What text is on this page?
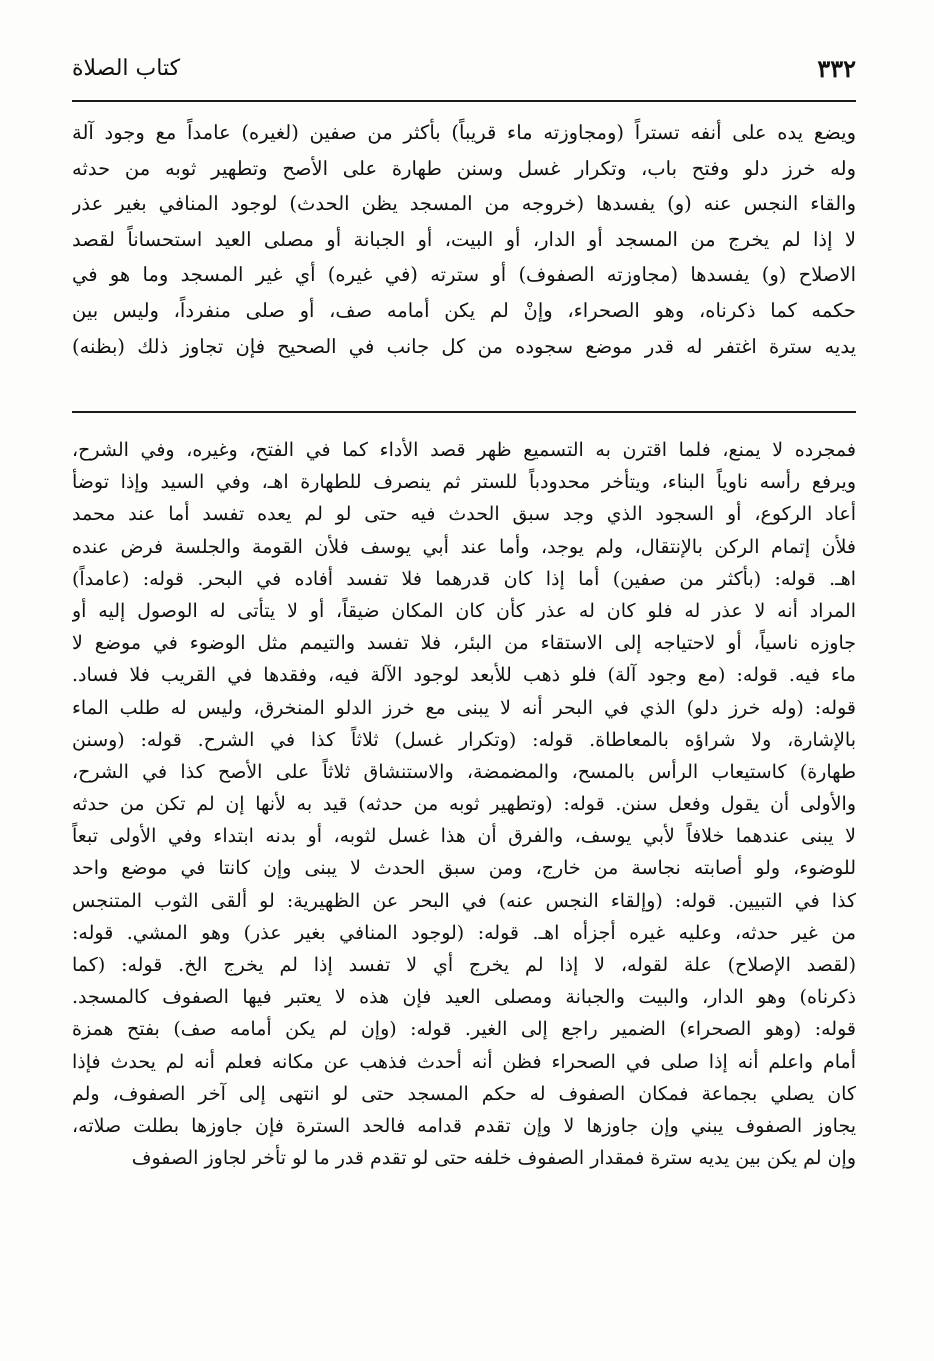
٣٣٢
كتاب الصلاة
ويضع يده على أنفه تستراً (ومجاوزته ماء قريباً) بأكثر من صفين (لغيره) عامداً مع وجود آلة
وله خرز دلو وفتح باب، وتكرار غسل وسنن طهارة على الأصح وتطهير ثوبه من حدثه
والقاء النجس عنه (و) يفسدها (خروجه من المسجد يظن الحدث) لوجود المنافي بغير عذر
لا إذا لم يخرج من المسجد أو الدار، أو البيت، أو الجبانة أو مصلى العيد استحساناً لقصد
الاصلاح (و) يفسدها (مجاوزته الصفوف) أو سترته (في غيره) أي غير المسجد وما هو في
حكمه كما ذكرناه، وهو الصحراء، وإنْ لم يكن أمامه صف، أو صلى منفرداً، وليس بين
يديه سترة اغتفر له قدر موضع سجوده من كل جانب في الصحيح فإن تجاوز ذلك (بظنه)
فمجرده لا يمنع، فلما اقترن به التسميع ظهر قصد الأداء كما في الفتح، وغيره، وفي الشرح،
ويرفع رأسه ناوياً البناء، ويتأخر محدودباً للستر ثم ينصرف للطهارة اهـ، وفي السيد وإذا توضأ
أعاد الركوع، أو السجود الذي وجد سبق الحدث فيه حتى لو لم يعده تفسد أما عند محمد
فلأن إتمام الركن بالإنتقال، ولم يوجد، وأما عند أبي يوسف فلأن القومة والجلسة فرض عنده
اهـ. قوله: (بأكثر من صفين) أما إذا كان قدرهما فلا تفسد أفاده في البحر. قوله: (عامداً)
المراد أنه لا عذر له فلو كان له عذر كأن كان المكان ضيقاً، أو لا يتأتى له الوصول إليه أو
جاوزه ناسياً، أو لاحتياجه إلى الاستقاء من البئر، فلا تفسد والتيمم مثل الوضوء في موضع لا
ماء فيه. قوله: (مع وجود آلة) فلو ذهب للأبعد لوجود الآلة فيه، وفقدها في القريب فلا فساد.
قوله: (وله خرز دلو) الذي في البحر أنه لا يبنى مع خرز الدلو المنخرق، وليس له طلب الماء
بالإشارة، ولا شراؤه بالمعاطاة. قوله: (وتكرار غسل) ثلاثاً كذا في الشرح. قوله: (وسنن
طهارة) كاستيعاب الرأس بالمسح، والمضمضة، والاستنشاق ثلاثاً على الأصح كذا في الشرح،
والأولى أن يقول وفعل سنن. قوله: (وتطهير ثوبه من حدثه) قيد به لأنها إن لم تكن من حدثه
لا يبنى عندهما خلافاً لأبي يوسف، والفرق أن هذا غسل لثوبه، أو بدنه ابتداء وفي الأولى تبعاً
للوضوء، ولو أصابته نجاسة من خارج، ومن سبق الحدث لا يبنى وإن كانتا في موضع واحد
كذا في التبيين. قوله: (وإلقاء النجس عنه) في البحر عن الظهيرية: لو ألقى الثوب المتنجس
من غير حدثه، وعليه غيره أجزأه اهـ. قوله: (لوجود المنافي بغير عذر) وهو المشي. قوله:
(لقصد الإصلاح) علة لقوله، لا إذا لم يخرج أي لا تفسد إذا لم يخرج الخ. قوله: (كما
ذكرناه) وهو الدار، والبيت والجبانة ومصلى العيد فإن هذه لا يعتبر فيها الصفوف كالمسجد.
قوله: (وهو الصحراء) الضمير راجع إلى الغير. قوله: (وإن لم يكن أمامه صف) بفتح همزة
أمام واعلم أنه إذا صلى في الصحراء فظن أنه أحدث فذهب عن مكانه فعلم أنه لم يحدث فإذا
كان يصلي بجماعة فمكان الصفوف له حكم المسجد حتى لو انتهى إلى آخر الصفوف، ولم
يجاوز الصفوف يبني وإن جاوزها لا وإن تقدم قدامه فالحد السترة فإن جاوزها بطلت صلاته،
وإن لم يكن بين يديه سترة فمقدار الصفوف خلفه حتى لو تقدم قدر ما لو تأخر لجاوز الصفوف
